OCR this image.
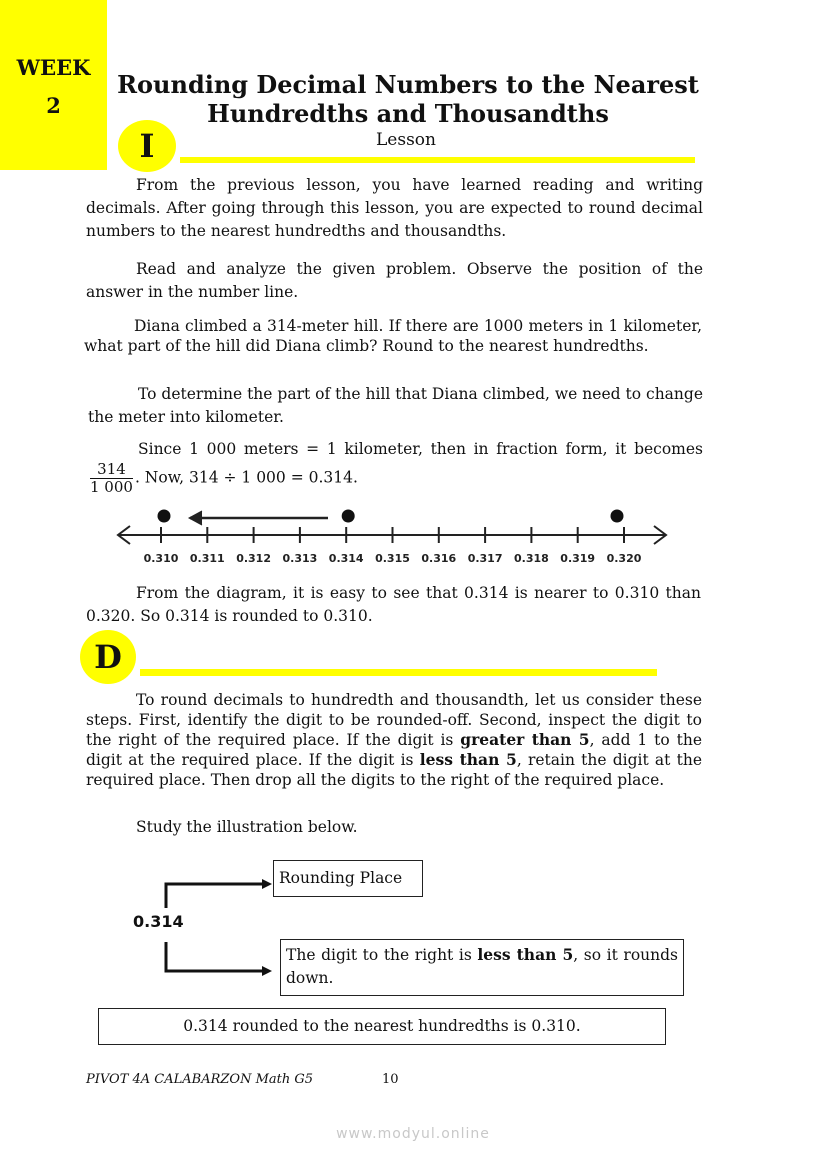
WEEK
2
Rounding Decimal Numbers to the Nearest
Hundredths and Thousandths
I	Lesson

From the previous lesson, you have learned reading and writing decimals. After going through this lesson, you are expected to round decimal numbers to the nearest hundredths and thousandths.

Read and analyze the given problem. Observe the position of the answer in the number line.

Diana climbed a 314-meter hill. If there are 1000 meters in 1 kilometer, what part of the hill did Diana climb? Round to the nearest hundredths.

To determine the part of the hill that Diana climbed, we need to change the meter into kilometer.

Since 1 000 meters = 1 kilometer, then in fraction form, it becomes
$\frac{314}{1 000}$ . Now, 314 ÷ 1 000 = 0.314.

0.310 0.311 0.312 0.313 0.314 0.315 0.316 0.317 0.318 0.319 0.320

From the diagram, it is easy to see that 0.314 is nearer to 0.310 than 0.320. So 0.314 is rounded to 0.310.

D

To round decimals to hundredth and thousandth, let us consider these steps. First, identify the digit to be rounded-off. Second, inspect the digit to the right of the required place. If the digit is greater than 5, add 1 to the digit at the required place. If the digit is less than 5, retain the digit at the required place. Then drop all the digits to the right of the required place.

Study the illustration below.

0.314
Rounding Place
The digit to the right is less than 5, so it rounds down.
0.314 rounded to the nearest hundredths is 0.310.
PIVOT 4A CALABARZON Math G5	10
www.modyul.online
